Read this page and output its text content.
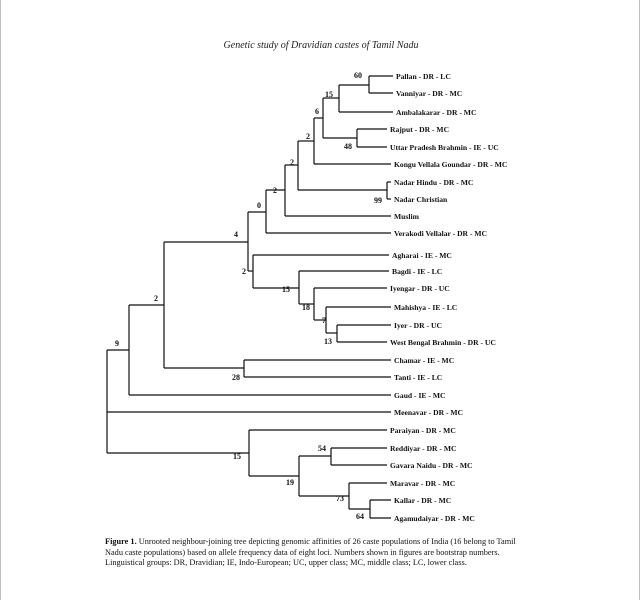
Genetic study of Dravidian castes of Tamil Nadu
Pallan - DR - LC
Vanniyar - DR - MC
Ambalakarar - DR - MC
Rajput - DR - MC
Uttar Pradesh Brahmin - IE - UC
Kongu Vellala Goundar - DR - MC
Nadar Hindu - DR - MC
Nadar Christian
Muslim
Verakodi Vellalar - DR - MC
Agharai - IE - MC
Bagdi - IE - LC
Iyengar - DR - UC
Mahishya - IE - LC
Iyer - DR - UC
West Bengal Brahmin - DR - UC
Chamar - IE - MC
Tanti - IE - LC
Gaud - IE - MC
Meenavar - DR - MC
Paraiyan - DR - MC
Reddiyar - DR - MC
Gavara Naidu - DR - MC
Maravar - DR - MC
Kallar - DR - MC
Agamudaiyar - DR - MC
60
15
6
48
2
2
2
99
0
4
2
15
18
7
13
2
28
9
54
15
19
73
64
Figure 1. Unrooted neighbour-joining tree depicting genomic affinities of 26 caste populations of India (16 belong to Tamil Nadu caste populations) based on allele frequency data of eight loci. Numbers shown in figures are bootstrap numbers. Linguistical groups: DR, Dravidian; IE, Indo-European; UC, upper class; MC, middle class; LC, lower class.
